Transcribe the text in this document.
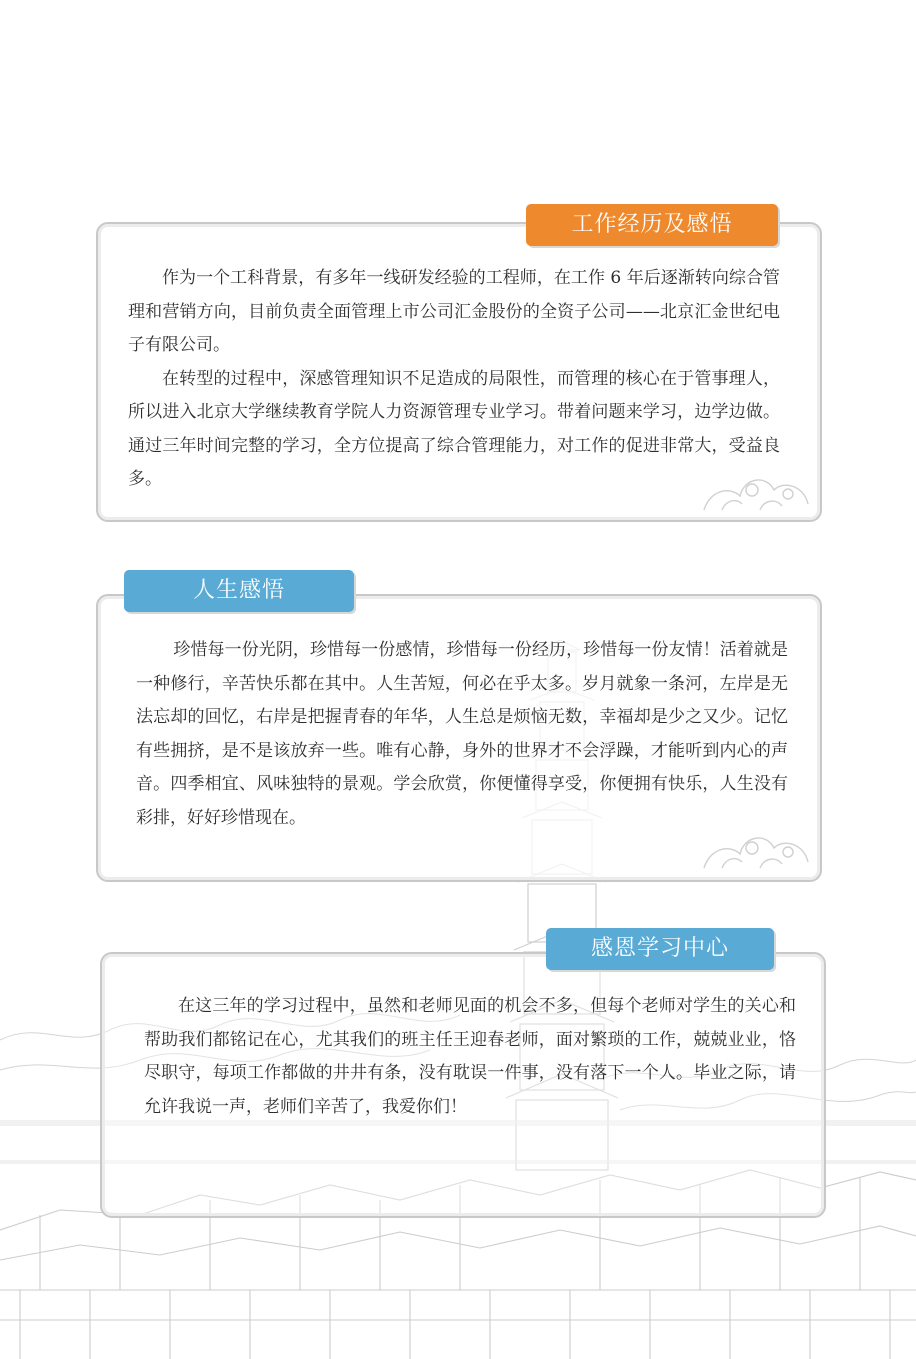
工作经历及感悟

作为一个工科背景，有多年一线研发经验的工程师，在工作 6 年后逐渐转向综合管理和营销方向，目前负责全面管理上市公司汇金股份的全资子公司——北京汇金世纪电子有限公司。

在转型的过程中，深感管理知识不足造成的局限性，而管理的核心在于管事理人，所以进入北京大学继续教育学院人力资源管理专业学习。带着问题来学习，边学边做。通过三年时间完整的学习，全方位提高了综合管理能力，对工作的促进非常大，受益良多。

人生感悟

珍惜每一份光阴，珍惜每一份感情，珍惜每一份经历，珍惜每一份友情！活着就是一种修行，辛苦快乐都在其中。人生苦短，何必在乎太多。岁月就象一条河，左岸是无法忘却的回忆，右岸是把握青春的年华，人生总是烦恼无数，幸福却是少之又少。记忆有些拥挤，是不是该放弃一些。唯有心静，身外的世界才不会浮躁，才能听到内心的声音。四季相宜、风味独特的景观。学会欣赏，你便懂得享受，你便拥有快乐，人生没有彩排，好好珍惜现在。

感恩学习中心

在这三年的学习过程中，虽然和老师见面的机会不多，但每个老师对学生的关心和帮助我们都铭记在心，尤其我们的班主任王迎春老师，面对繁琐的工作，兢兢业业，恪尽职守，每项工作都做的井井有条，没有耽误一件事，没有落下一个人。毕业之际，请允许我说一声，老师们辛苦了，我爱你们！
